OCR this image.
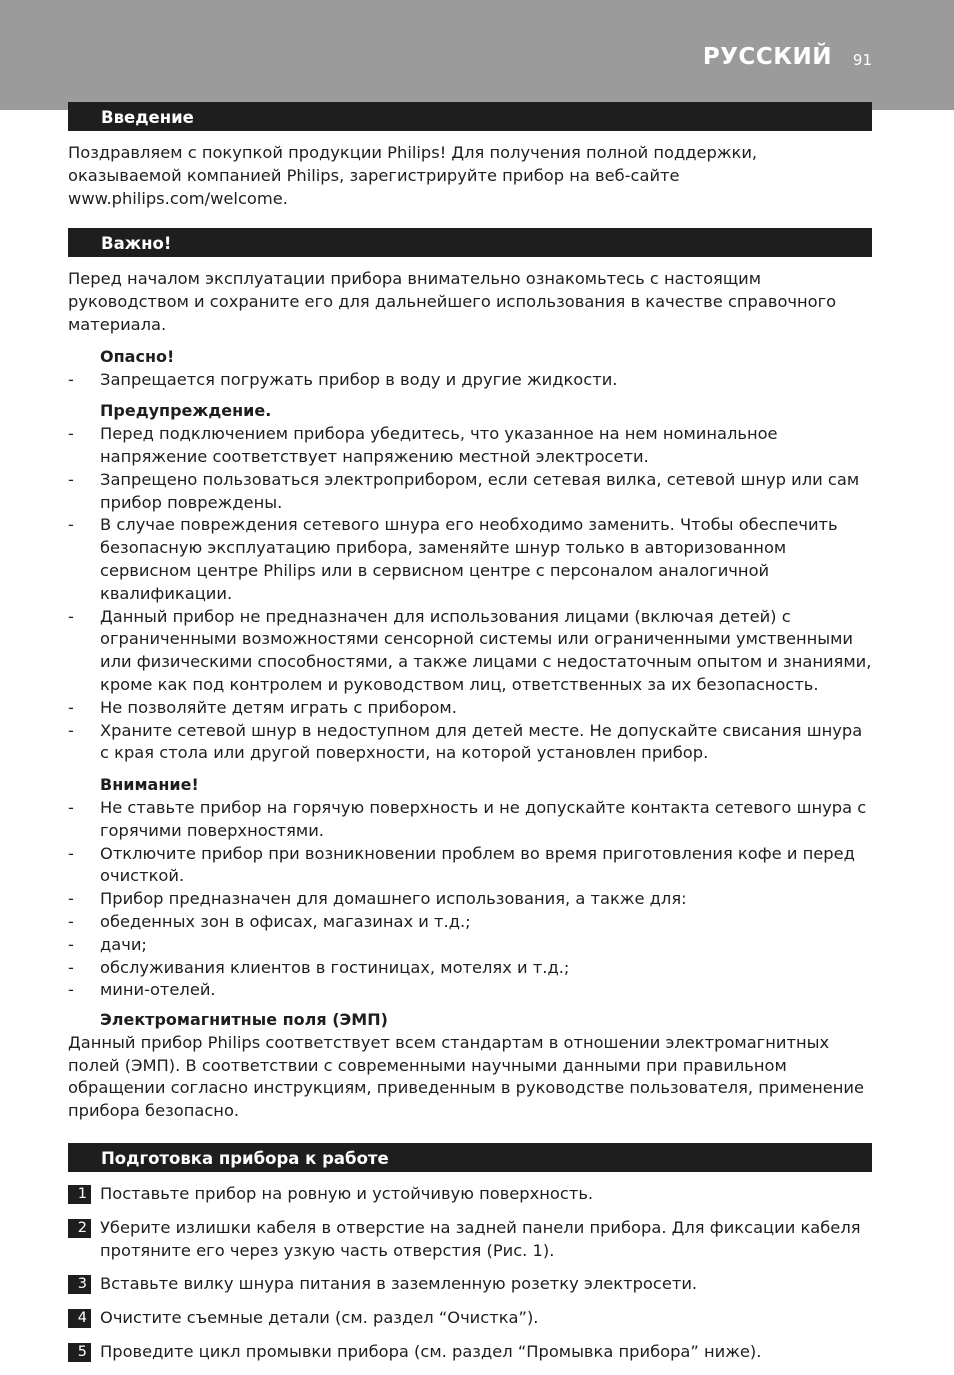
РУССКИЙ 91
Введение

Поздравляем с покупкой продукции Philips! Для получения полной поддержки, оказываемой компанией Philips, зарегистрируйте прибор на веб-сайте www.philips.com/welcome.

Важно!

Перед началом эксплуатации прибора внимательно ознакомьтесь с настоящим руководством и сохраните его для дальнейшего использования в качестве справочного материала.

Опасно!
- Запрещается погружать прибор в воду и другие жидкости.
Предупреждение.
- Перед подключением прибора убедитесь, что указанное на нем номинальное напряжение соответствует напряжению местной электросети.
- Запрещено пользоваться электроприбором, если сетевая вилка, сетевой шнур или сам прибор повреждены.
- В случае повреждения сетевого шнура его необходимо заменить. Чтобы обеспечить безопасную эксплуатацию прибора, заменяйте шнур только в авторизованном сервисном центре Philips или в сервисном центре с персоналом аналогичной квалификации.
- Данный прибор не предназначен для использования лицами (включая детей) с ограниченными возможностями сенсорной системы или ограниченными умственными или физическими способностями, а также лицами с недостаточным опытом и знаниями, кроме как под контролем и руководством лиц, ответственных за их безопасность.
- Не позволяйте детям играть с прибором.
- Храните сетевой шнур в недоступном для детей месте. Не допускайте свисания шнура с края стола или другой поверхности, на которой установлен прибор.
Внимание!
- Не ставьте прибор на горячую поверхность и не допускайте контакта сетевого шнура с горячими поверхностями.
- Отключите прибор при возникновении проблем во время приготовления кофе и перед очисткой.
- Прибор предназначен для домашнего использования, а также для:
- обеденных зон в офисах, магазинах и т.д.;
- дачи;
- обслуживания клиентов в гостиницах, мотелях и т.д.;
- мини-отелей.
Электромагнитные поля (ЭМП)

Данный прибор Philips соответствует всем стандартам в отношении электромагнитных полей (ЭМП). В соответствии с современными научными данными при правильном обращении согласно инструкциям, приведенным в руководстве пользователя, применение прибора безопасно.

Подготовка прибора к работе
1 Поставьте прибор на ровную и устойчивую поверхность.
2 Уберите излишки кабеля в отверстие на задней панели прибора. Для фиксации кабеля протяните его через узкую часть отверстия (Рис. 1).
3 Вставьте вилку шнура питания в заземленную розетку электросети.
4 Очистите съемные детали (см. раздел “Очистка”).
5 Проведите цикл промывки прибора (см. раздел “Промывка прибора” ниже).
